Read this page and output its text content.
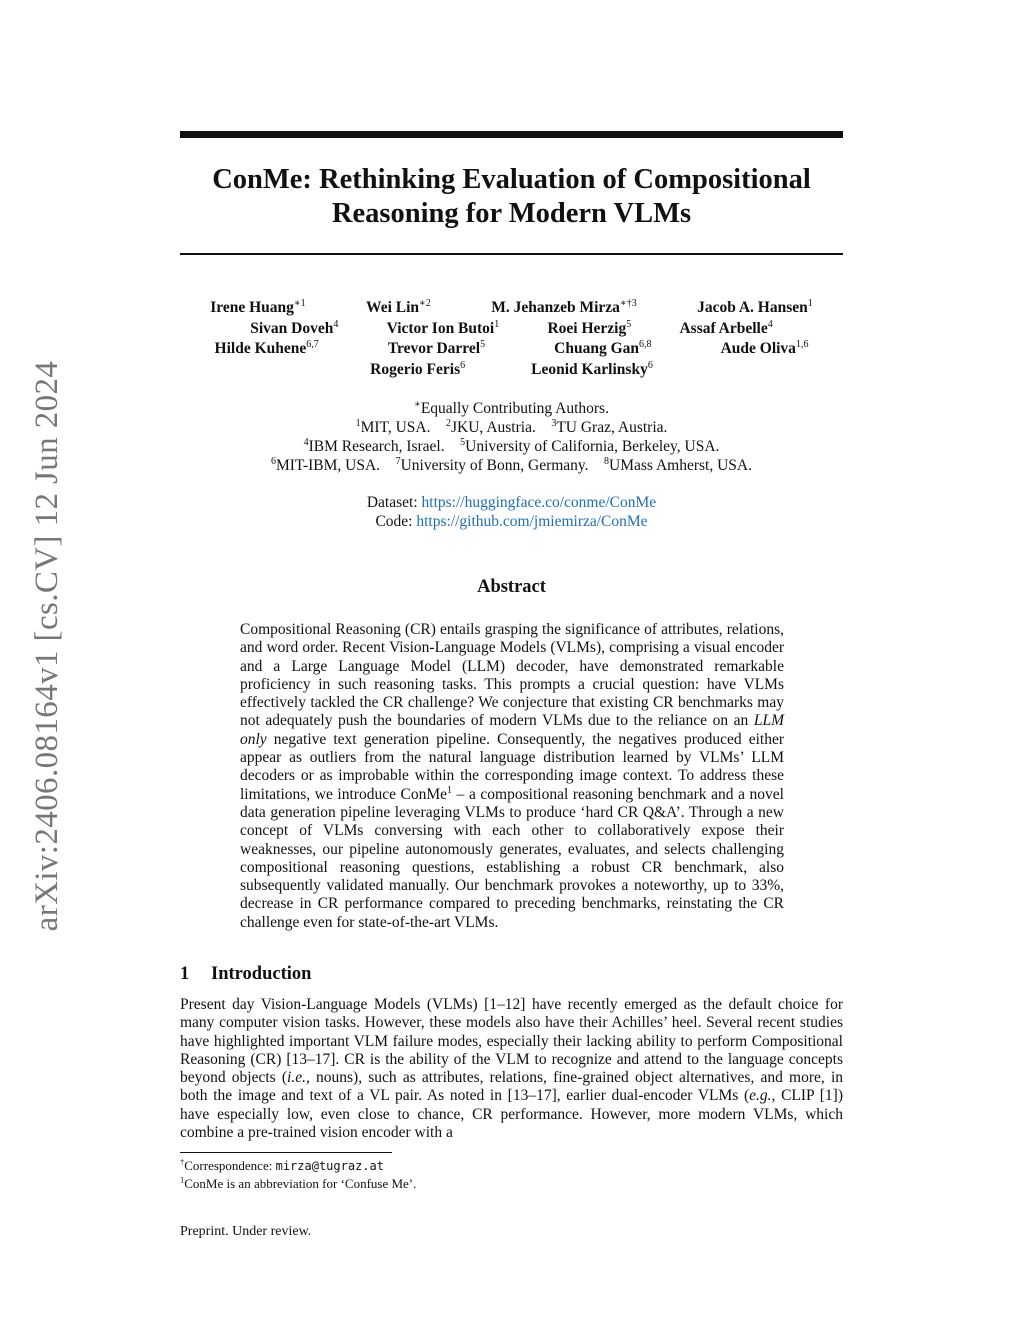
arXiv:2406.08164v1 [cs.CV] 12 Jun 2024
ConMe: Rethinking Evaluation of Compositional Reasoning for Modern VLMs
Irene Huang$^{∗1}$	Wei Lin$^{∗2}$	M. Jehanzeb Mirza$^{∗\dagger 3}$	Jacob A. Hansen$^1$
Sivan Doveh$^4$	Victor Ion Butoi$^1$	Roei Herzig$^5$	Assaf Arbelle$^4$
Hilde Kuhene$^{6,7}$	Trevor Darrel$^5$	Chuang Gan$^{6,8}$	Aude Oliva$^{1,6}$
Rogerio Feris$^6$	Leonid Karlinsky$^6$
∗Equally Contributing Authors.
$^1$MIT, USA. $^2$JKU, Austria. $^3$TU Graz, Austria.
$^4$IBM Research, Israel. $^5$University of California, Berkeley, USA.
$^6$MIT-IBM, USA. $^7$University of Bonn, Germany. $^8$UMass Amherst, USA.
Dataset: https://huggingface.co/conme/ConMe
Code: https://github.com/jmiemirza/ConMe
Abstract

Compositional Reasoning (CR) entails grasping the significance of attributes, relations, and word order. Recent Vision-Language Models (VLMs), comprising a visual encoder and a Large Language Model (LLM) decoder, have demonstrated remarkable proficiency in such reasoning tasks. This prompts a crucial question: have VLMs effectively tackled the CR challenge? We conjecture that existing CR benchmarks may not adequately push the boundaries of modern VLMs due to the reliance on an LLM only negative text generation pipeline. Consequently, the negatives produced either appear as outliers from the natural language distribution learned by VLMs’ LLM decoders or as improbable within the corresponding image context. To address these limitations, we introduce ConMe$^1$ – a compositional reasoning benchmark and a novel data generation pipeline leveraging VLMs to produce ‘hard CR Q&A’. Through a new concept of VLMs conversing with each other to collaboratively expose their weaknesses, our pipeline autonomously generates, evaluates, and selects challenging compositional reasoning questions, establishing a robust CR benchmark, also subsequently validated manually. Our benchmark provokes a noteworthy, up to 33%, decrease in CR performance compared to preceding benchmarks, reinstating the CR challenge even for state-of-the-art VLMs.

1 Introduction

Present day Vision-Language Models (VLMs) [1–12] have recently emerged as the default choice for many computer vision tasks. However, these models also have their Achilles’ heel. Several recent studies have highlighted important VLM failure modes, especially their lacking ability to perform Compositional Reasoning (CR) [13–17]. CR is the ability of the VLM to recognize and attend to the language concepts beyond objects (i.e., nouns), such as attributes, relations, fine-grained object alternatives, and more, in both the image and text of a VL pair. As noted in [13–17], earlier dual-encoder VLMs (e.g., CLIP [1]) have especially low, even close to chance, CR performance. However, more modern VLMs, which combine a pre-trained vision encoder with a

†Correspondence: mirza@tugraz.at
$^1$ConMe is an abbreviation for ‘Confuse Me’.
Preprint. Under review.
